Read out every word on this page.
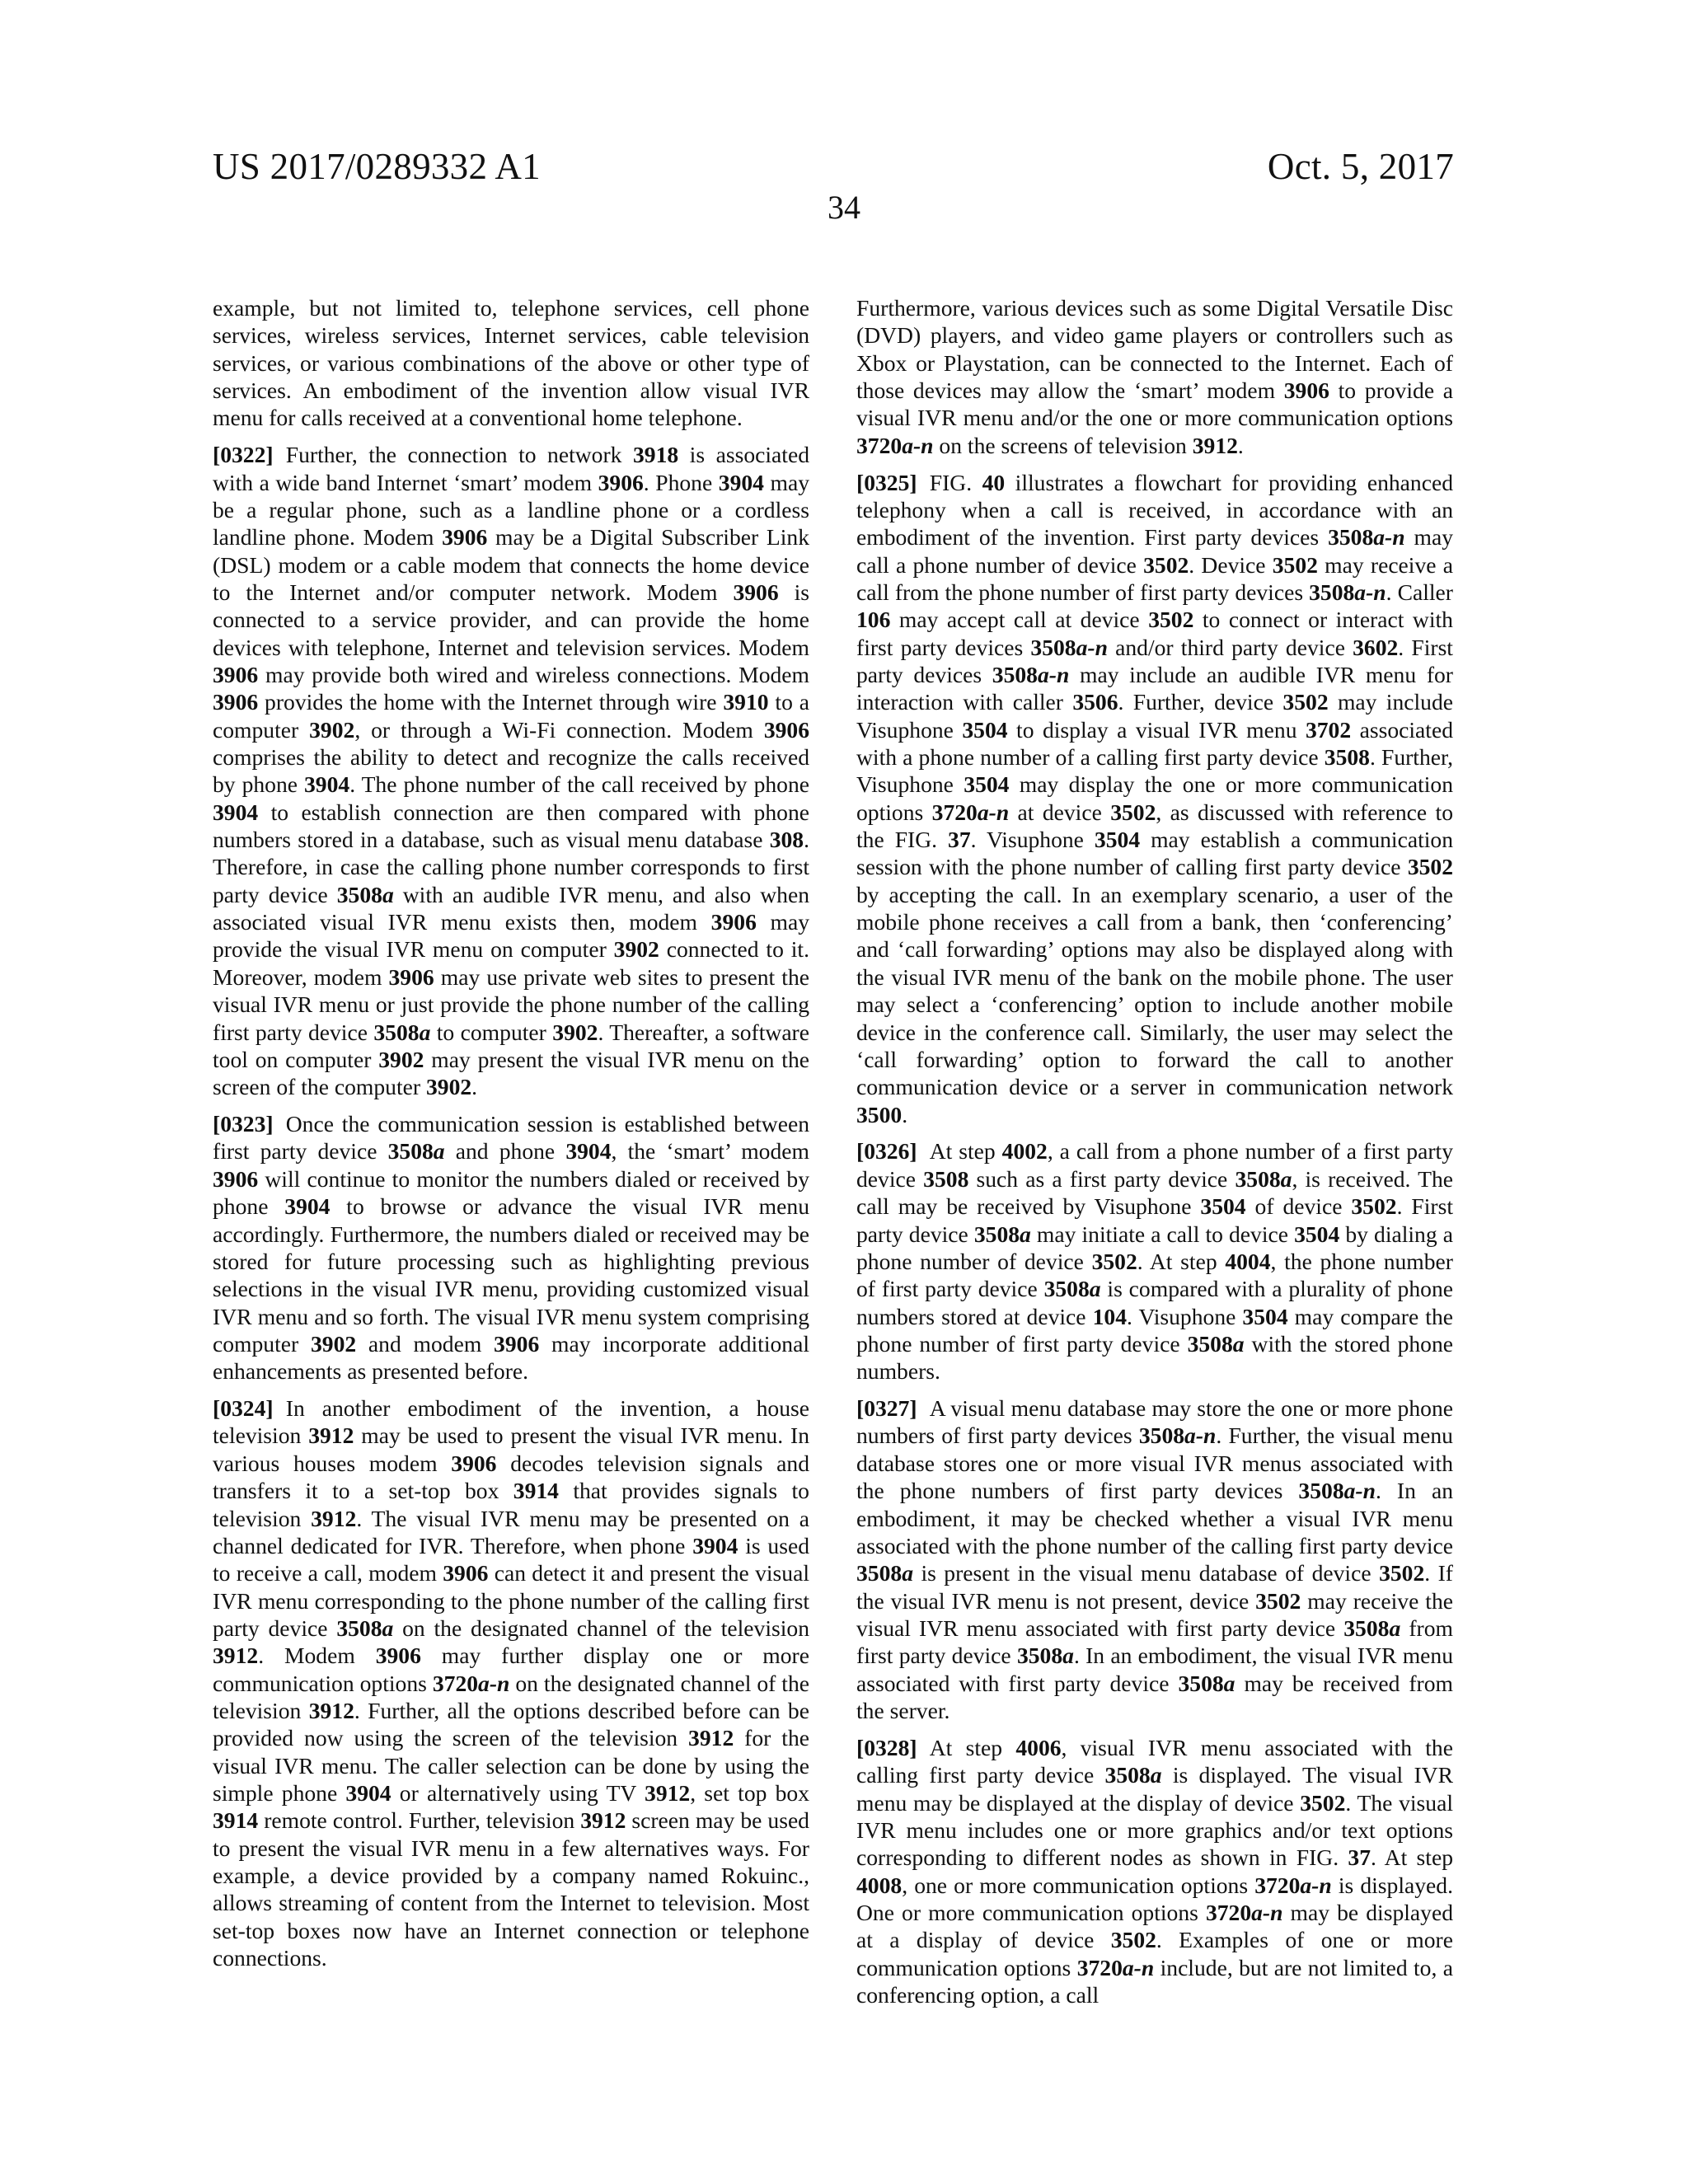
US 2017/0289332 A1	Oct. 5, 2017
34

example, but not limited to, telephone services, cell phone services, wireless services, Internet services, cable television services, or various combinations of the above or other type of services. An embodiment of the invention allow visual IVR menu for calls received at a conventional home telephone.

[0322] Further, the connection to network 3918 is associated with a wide band Internet ‘smart’ modem 3906. Phone 3904 may be a regular phone, such as a landline phone or a cordless landline phone. Modem 3906 may be a Digital Subscriber Link (DSL) modem or a cable modem that connects the home device to the Internet and/or computer network. Modem 3906 is connected to a service provider, and can provide the home devices with telephone, Internet and television services. Modem 3906 may provide both wired and wireless connections. Modem 3906 provides the home with the Internet through wire 3910 to a computer 3902, or through a Wi-Fi connection. Modem 3906 comprises the ability to detect and recognize the calls received by phone 3904. The phone number of the call received by phone 3904 to establish connection are then compared with phone numbers stored in a database, such as visual menu database 308. Therefore, in case the calling phone number corresponds to first party device 3508a with an audible IVR menu, and also when associated visual IVR menu exists then, modem 3906 may provide the visual IVR menu on computer 3902 connected to it. Moreover, modem 3906 may use private web sites to present the visual IVR menu or just provide the phone number of the calling first party device 3508a to computer 3902. Thereafter, a software tool on computer 3902 may present the visual IVR menu on the screen of the computer 3902.

[0323] Once the communication session is established between first party device 3508a and phone 3904, the ‘smart’ modem 3906 will continue to monitor the numbers dialed or received by phone 3904 to browse or advance the visual IVR menu accordingly. Furthermore, the numbers dialed or received may be stored for future processing such as highlighting previous selections in the visual IVR menu, providing customized visual IVR menu and so forth. The visual IVR menu system comprising computer 3902 and modem 3906 may incorporate additional enhancements as presented before.

[0324] In another embodiment of the invention, a house television 3912 may be used to present the visual IVR menu. In various houses modem 3906 decodes television signals and transfers it to a set-top box 3914 that provides signals to television 3912. The visual IVR menu may be presented on a channel dedicated for IVR. Therefore, when phone 3904 is used to receive a call, modem 3906 can detect it and present the visual IVR menu corresponding to the phone number of the calling first party device 3508a on the designated channel of the television 3912. Modem 3906 may further display one or more communication options 3720a-n on the designated channel of the television 3912. Further, all the options described before can be provided now using the screen of the television 3912 for the visual IVR menu. The caller selection can be done by using the simple phone 3904 or alternatively using TV 3912, set top box 3914 remote control. Further, television 3912 screen may be used to present the visual IVR menu in a few alternatives ways. For example, a device provided by a company named Rokuinc., allows streaming of content from the Internet to television. Most set-top boxes now have an Internet connection or telephone connections.

Furthermore, various devices such as some Digital Versatile Disc (DVD) players, and video game players or controllers such as Xbox or Playstation, can be connected to the Internet. Each of those devices may allow the ‘smart’ modem 3906 to provide a visual IVR menu and/or the one or more communication options 3720a-n on the screens of television 3912.

[0325] FIG. 40 illustrates a flowchart for providing enhanced telephony when a call is received, in accordance with an embodiment of the invention. First party devices 3508a-n may call a phone number of device 3502. Device 3502 may receive a call from the phone number of first party devices 3508a-n. Caller 106 may accept call at device 3502 to connect or interact with first party devices 3508a-n and/or third party device 3602. First party devices 3508a-n may include an audible IVR menu for interaction with caller 3506. Further, device 3502 may include Visuphone 3504 to display a visual IVR menu 3702 associated with a phone number of a calling first party device 3508. Further, Visuphone 3504 may display the one or more communication options 3720a-n at device 3502, as discussed with reference to the FIG. 37. Visuphone 3504 may establish a communication session with the phone number of calling first party device 3502 by accepting the call. In an exemplary scenario, a user of the mobile phone receives a call from a bank, then ‘conferencing’ and ‘call forwarding’ options may also be displayed along with the visual IVR menu of the bank on the mobile phone. The user may select a ‘conferencing’ option to include another mobile device in the conference call. Similarly, the user may select the ‘call forwarding’ option to forward the call to another communication device or a server in communication network 3500.

[0326] At step 4002, a call from a phone number of a first party device 3508 such as a first party device 3508a, is received. The call may be received by Visuphone 3504 of device 3502. First party device 3508a may initiate a call to device 3504 by dialing a phone number of device 3502. At step 4004, the phone number of first party device 3508a is compared with a plurality of phone numbers stored at device 104. Visuphone 3504 may compare the phone number of first party device 3508a with the stored phone numbers.

[0327] A visual menu database may store the one or more phone numbers of first party devices 3508a-n. Further, the visual menu database stores one or more visual IVR menus associated with the phone numbers of first party devices 3508a-n. In an embodiment, it may be checked whether a visual IVR menu associated with the phone number of the calling first party device 3508a is present in the visual menu database of device 3502. If the visual IVR menu is not present, device 3502 may receive the visual IVR menu associated with first party device 3508a from first party device 3508a. In an embodiment, the visual IVR menu associated with first party device 3508a may be received from the server.

[0328] At step 4006, visual IVR menu associated with the calling first party device 3508a is displayed. The visual IVR menu may be displayed at the display of device 3502. The visual IVR menu includes one or more graphics and/or text options corresponding to different nodes as shown in FIG. 37. At step 4008, one or more communication options 3720a-n is displayed. One or more communication options 3720a-n may be displayed at a display of device 3502. Examples of one or more communication options 3720a-n include, but are not limited to, a conferencing option, a call
